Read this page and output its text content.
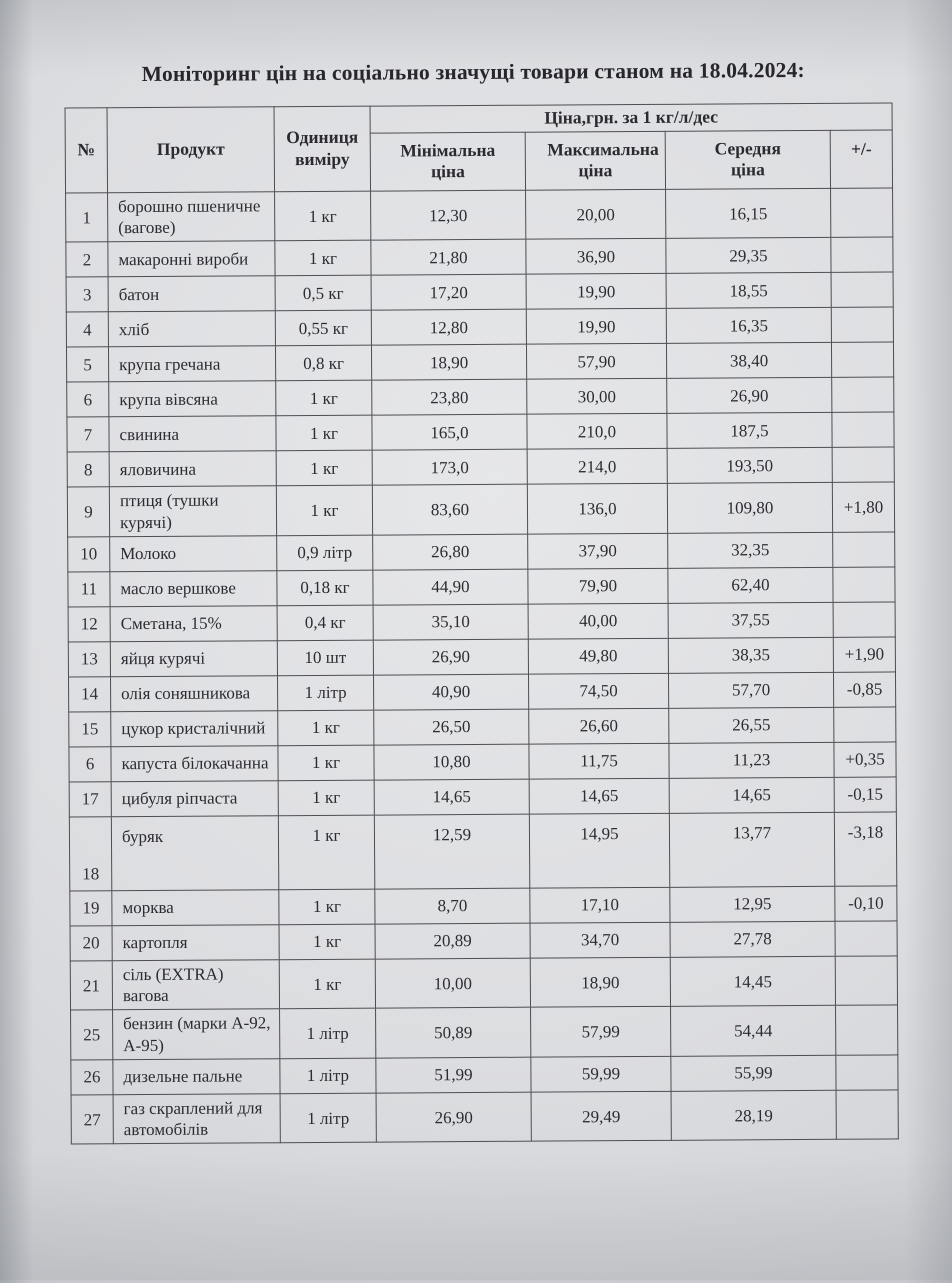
Моніторинг цін на соціально значущі товари станом на 18.04.2024:
№	Продукт	Одиниця виміру	Ціна,грн. за 1 кг/л/дес			
			Мінімальна ціна	Максимальна ціна	Середня ціна	+/-
1	борошно пшеничне (вагове)	1 кг	12,30	20,00	16,15	
2	макаронні вироби	1 кг	21,80	36,90	29,35	
3	батон	0,5 кг	17,20	19,90	18,55	
4	хліб	0,55 кг	12,80	19,90	16,35	
5	крупа гречана	0,8 кг	18,90	57,90	38,40	
6	крупа вівсяна	1 кг	23,80	30,00	26,90	
7	свинина	1 кг	165,0	210,0	187,5	
8	яловичина	1 кг	173,0	214,0	193,50	
9	птиця (тушки курячі)	1 кг	83,60	136,0	109,80	+1,80
10	Молоко	0,9 літр	26,80	37,90	32,35	
11	масло вершкове	0,18 кг	44,90	79,90	62,40	
12	Сметана, 15%	0,4 кг	35,10	40,00	37,55	
13	яйця курячі	10 шт	26,90	49,80	38,35	+1,90
14	олія соняшникова	1 літр	40,90	74,50	57,70	-0,85
15	цукор кристалічний	1 кг	26,50	26,60	26,55	
6	капуста білокачанна	1 кг	10,80	11,75	11,23	+0,35
17	цибуля ріпчаста	1 кг	14,65	14,65	14,65	-0,15
18	буряк	1 кг	12,59	14,95	13,77	-3,18
19	морква	1 кг	8,70	17,10	12,95	-0,10
20	картопля	1 кг	20,89	34,70	27,78	
21	сіль (EXTRA) вагова	1 кг	10,00	18,90	14,45	
25	бензин (марки А-92, А-95)	1 літр	50,89	57,99	54,44	
26	дизельне пальне	1 літр	51,99	59,99	55,99	
27	газ скраплений для автомобілів	1 літр	26,90	29,49	28,19	
